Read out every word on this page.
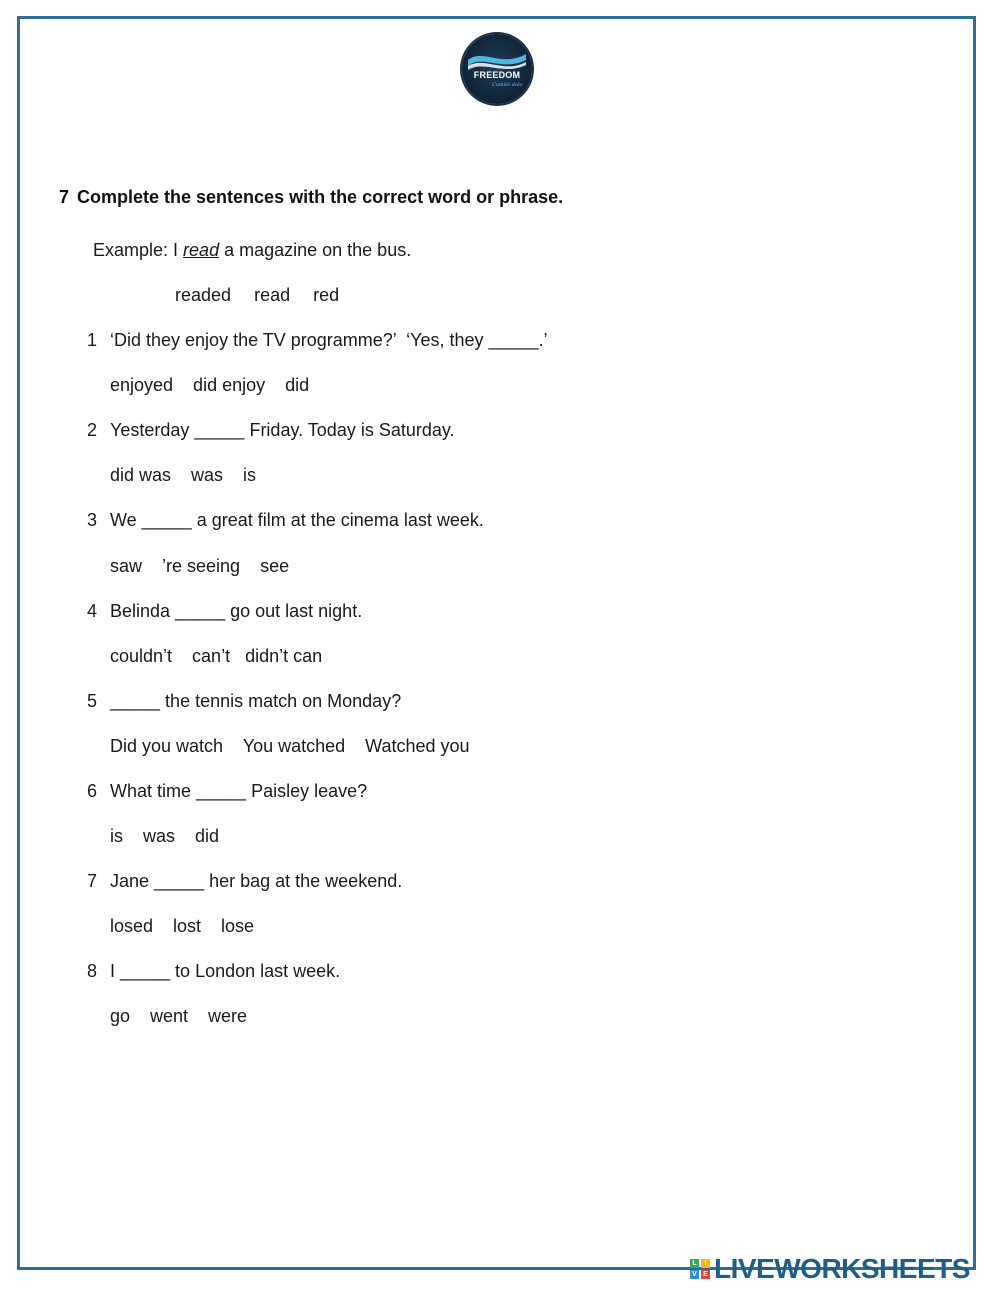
FREEDOM
Comité dolo
7 Complete the sentences with the correct word or phrase.
Example: I read a magazine on the bus.
readed read red
1 ‘Did they enjoy the TV programme?’  ‘Yes, they _____.’
enjoyed    did enjoy    did
2 Yesterday _____ Friday. Today is Saturday.
did was    was    is
3 We _____ a great film at the cinema last week.
saw    ’re seeing    see
4 Belinda _____ go out last night.
couldn’t    can’t   didn’t can
5 _____ the tennis match on Monday?
Did you watch    You watched    Watched you
6 What time _____ Paisley leave?
is    was    did
7 Jane _____ her bag at the weekend.
losed    lost    lose
8 I _____ to London last week.
go    went    were
L	I
V E LIVEWORKSHEETS
